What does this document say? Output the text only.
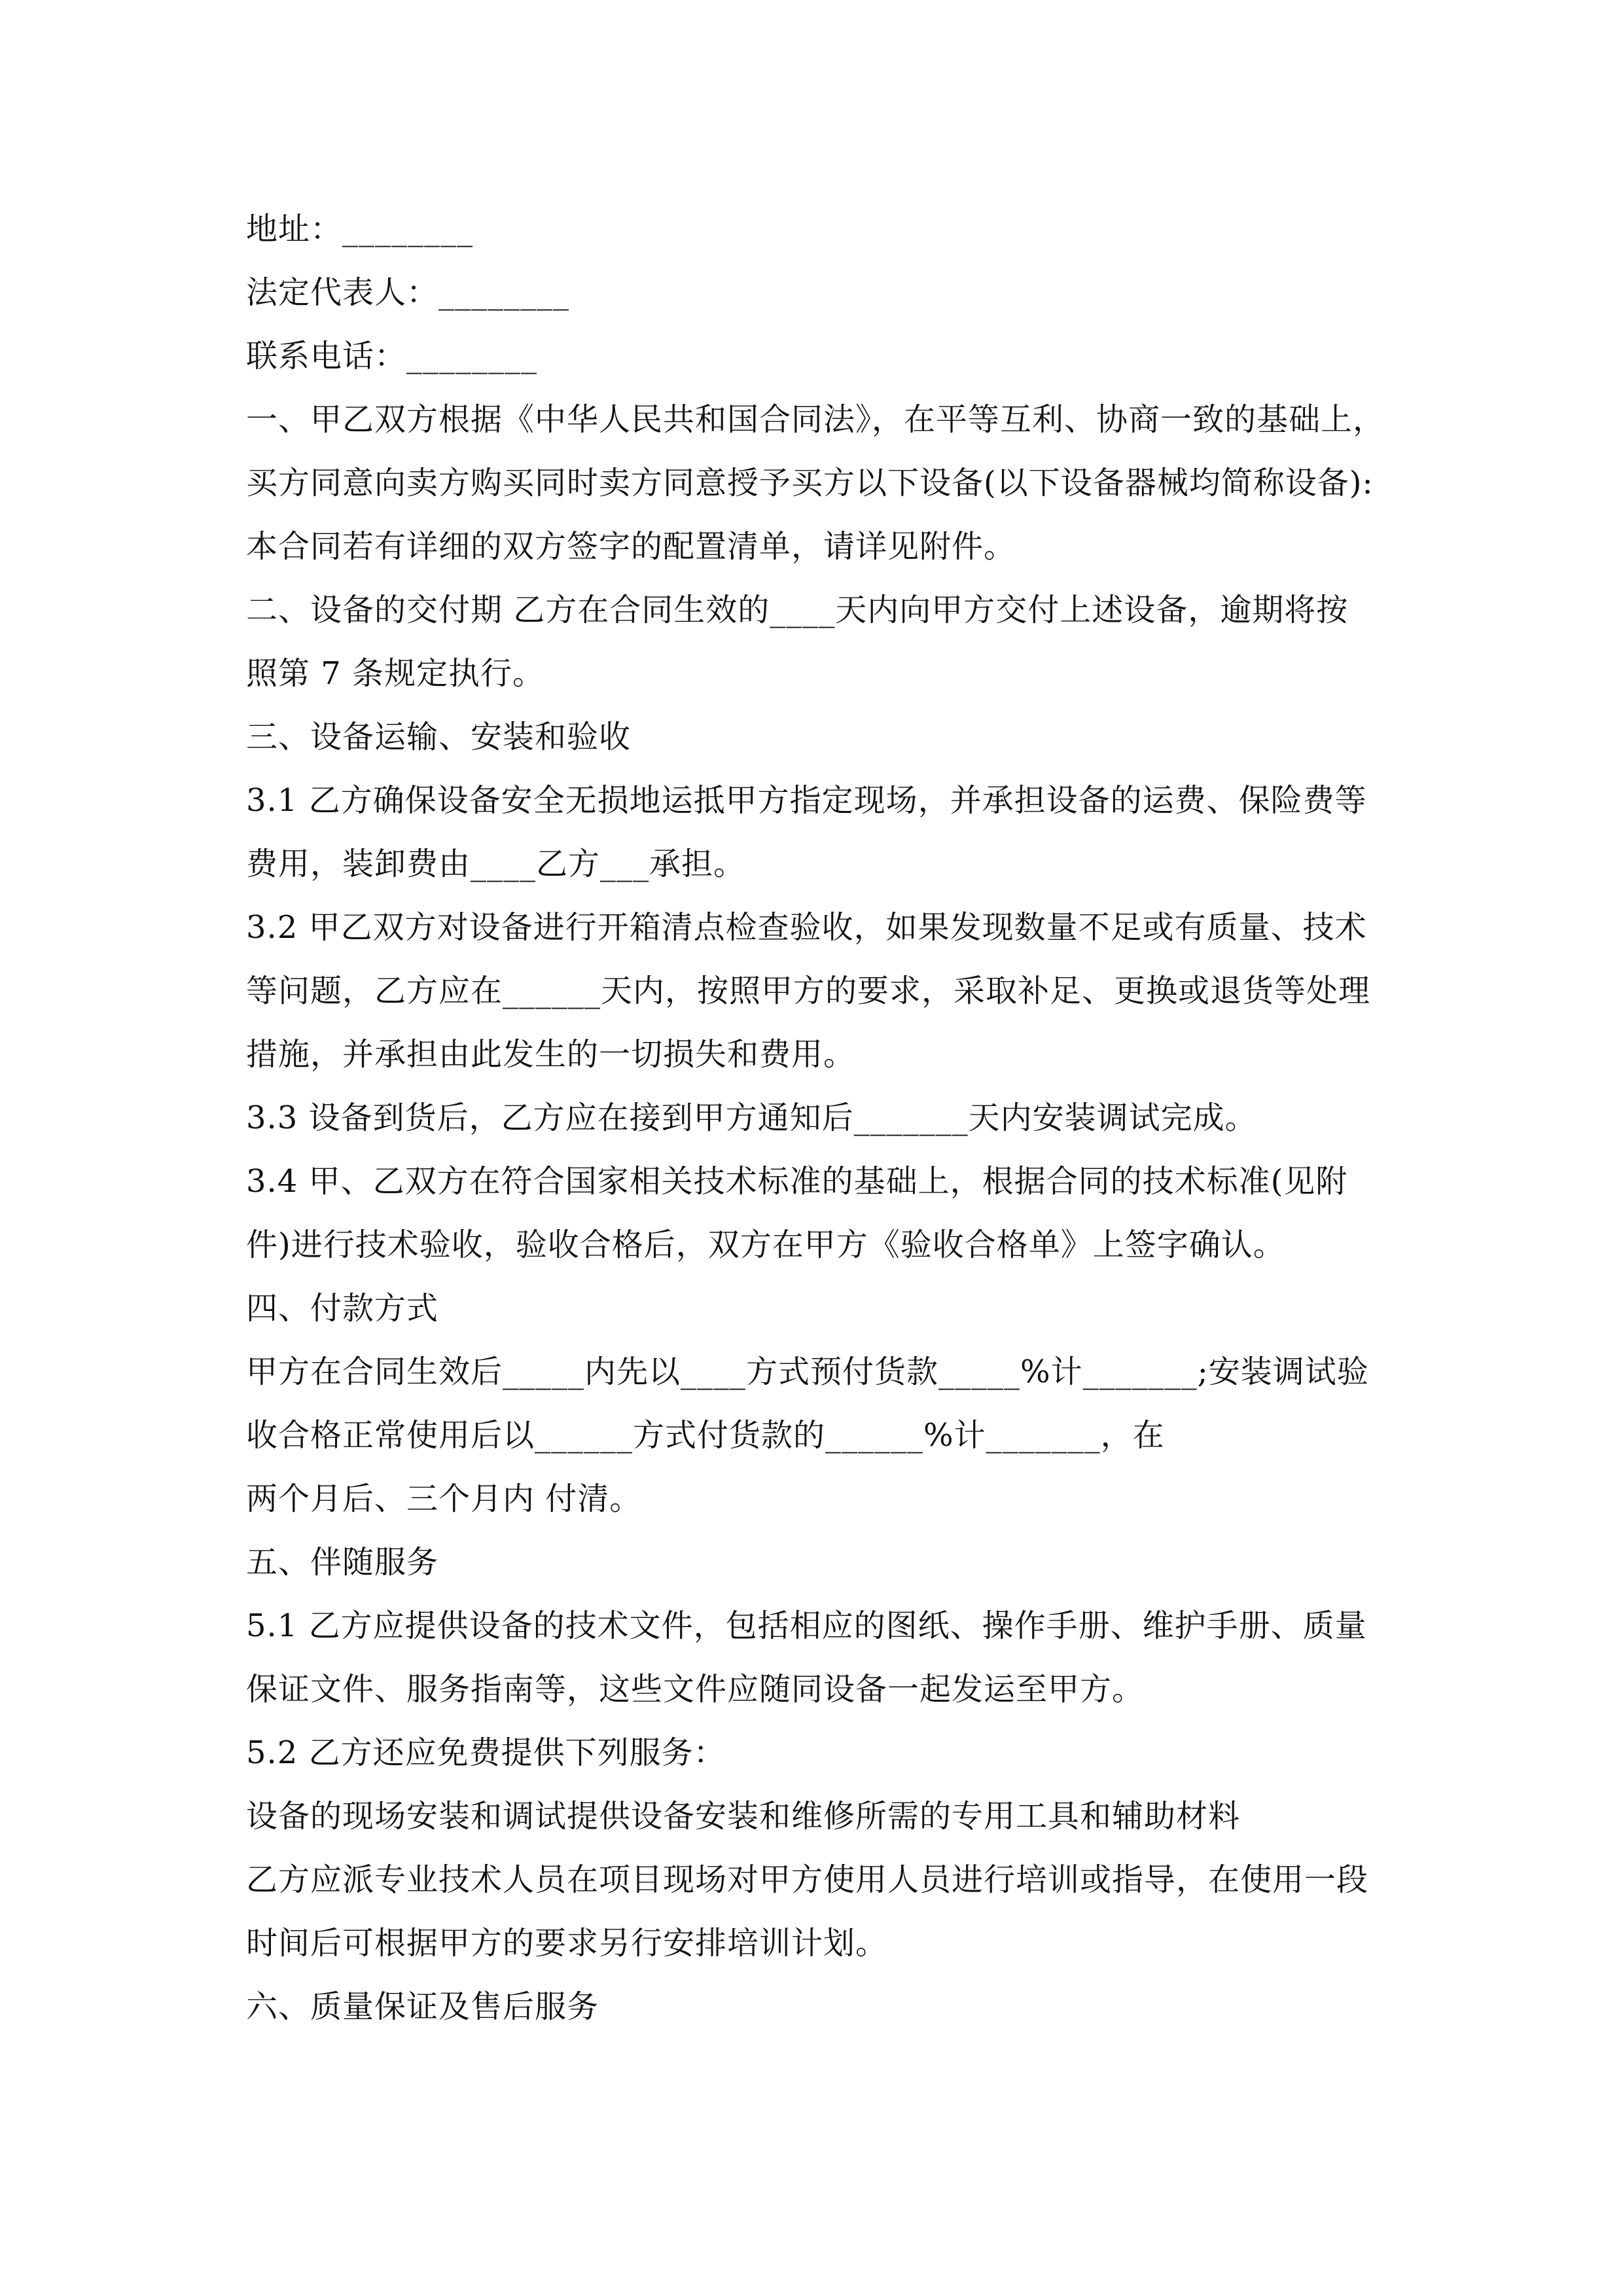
地址：________
法定代表人：________
联系电话：________
一、甲乙双方根据《中华人民共和国合同法》，在平等互利、协商一致的基础上，
买方同意向卖方购买同时卖方同意授予买方以下设备(以下设备器械均简称设备):
本合同若有详细的双方签字的配置清单，请详见附件。
二、设备的交付期 乙方在合同生效的____天内向甲方交付上述设备，逾期将按
照第 7 条规定执行。
三、设备运输、安装和验收
3.1 乙方确保设备安全无损地运抵甲方指定现场，并承担设备的运费、保险费等
费用，装卸费由____乙方___承担。
3.2 甲乙双方对设备进行开箱清点检查验收，如果发现数量不足或有质量、技术
等问题，乙方应在______天内，按照甲方的要求，采取补足、更换或退货等处理
措施，并承担由此发生的一切损失和费用。
3.3 设备到货后，乙方应在接到甲方通知后_______天内安装调试完成。
3.4 甲、乙双方在符合国家相关技术标准的基础上，根据合同的技术标准(见附
件)进行技术验收，验收合格后，双方在甲方《验收合格单》上签字确认。
四、付款方式
甲方在合同生效后_____内先以____方式预付货款_____%计_______;安装调试验
收合格正常使用后以______方式付货款的______%计_______，在
两个月后、三个月内 付清。
五、伴随服务
5.1 乙方应提供设备的技术文件，包括相应的图纸、操作手册、维护手册、质量
保证文件、服务指南等，这些文件应随同设备一起发运至甲方。
5.2 乙方还应免费提供下列服务：
设备的现场安装和调试提供设备安装和维修所需的专用工具和辅助材料
乙方应派专业技术人员在项目现场对甲方使用人员进行培训或指导，在使用一段
时间后可根据甲方的要求另行安排培训计划。
六、质量保证及售后服务
